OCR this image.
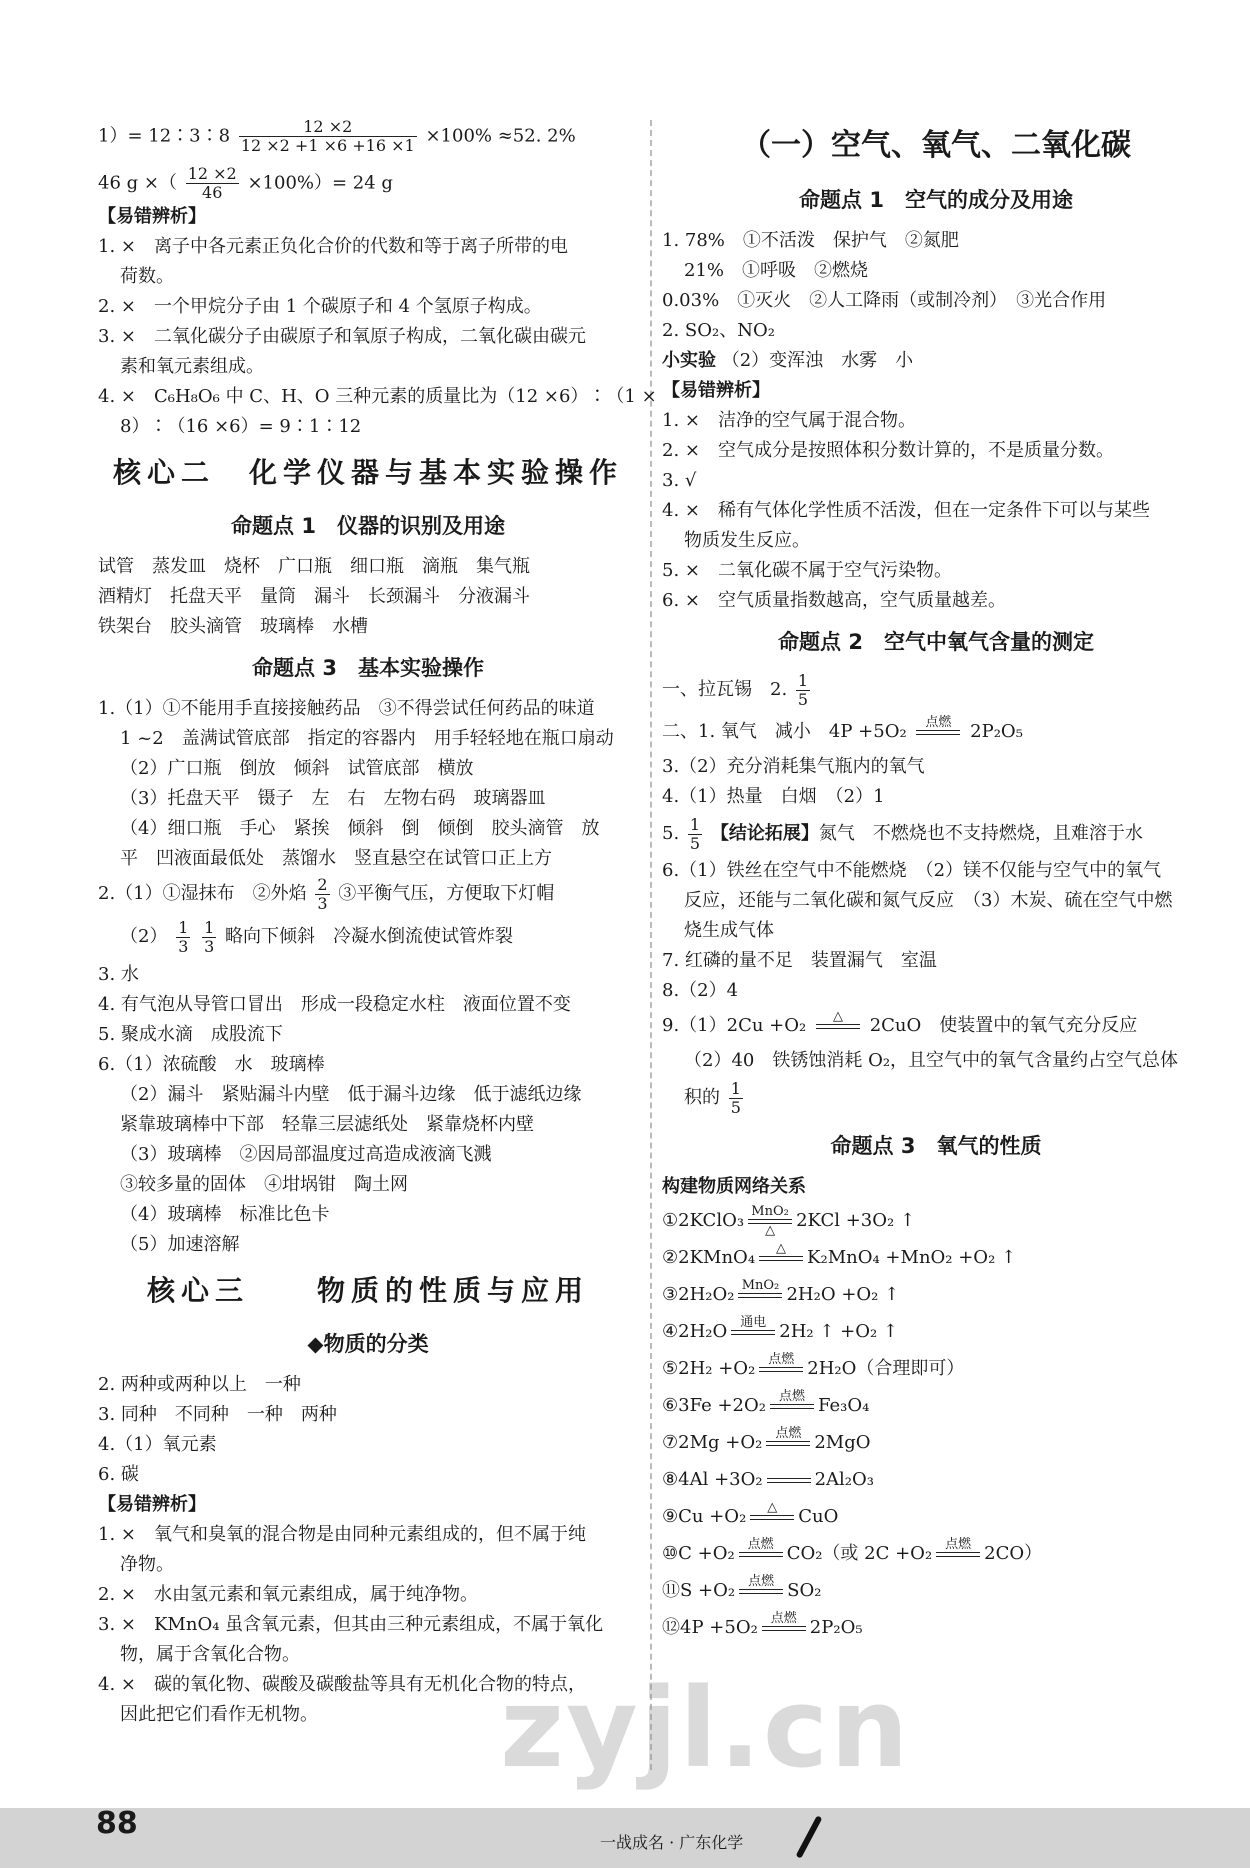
1）= 12∶3∶8 $\frac{12 \times 2}{12 \times 2 +1 \times 6 +16 \times 1} \times 100\% \approx 52$. 2%
46 g ×（ $\frac{12 \times 2}{46} \times 100\%)= 24$ g
【易错辨析】
1. ×　离子中各元素正负化合价的代数和等于离子所带的电
荷数。
2. ×　一个甲烷分子由 1 个碳原子和 4 个氢原子构成。
3. ×　二氧化碳分子由碳原子和氧原子构成，二氧化碳由碳元
素和氧元素组成。
4. ×　C₆H₈O₆ 中 C、H、O 三种元素的质量比为（12 ×6）∶（1 ×
8）∶（16 ×6）= 9∶1∶12
核心二　化学仪器与基本实验操作
命题点 1　仪器的识别及用途
试管　蒸发皿　烧杯　广口瓶　细口瓶　滴瓶　集气瓶
酒精灯　托盘天平　量筒　漏斗　长颈漏斗　分液漏斗
铁架台　胶头滴管　玻璃棒　水槽
命题点 3　基本实验操作
1.（1）①不能用手直接接触药品　③不得尝试任何药品的味道
1 ~2　盖满试管底部　指定的容器内　用手轻轻地在瓶口扇动
（2）广口瓶　倒放　倾斜　试管底部　横放
（3）托盘天平　镊子　左　右　左物右码　玻璃器皿
（4）细口瓶　手心　紧挨　倾斜　倒　倾倒　胶头滴管　放
平　凹液面最低处　蒸馏水　竖直悬空在试管口正上方
2.（1）①湿抹布　②外焰 $\frac{2}{3}$ ③平衡气压，方便取下灯帽
$(2) \frac{1}{3}$
$\frac{1}{3}$ 略向下倾斜　冷凝水倒流使试管炸裂
3. 水
4. 有气泡从导管口冒出　形成一段稳定水柱　液面位置不变
5. 聚成水滴　成股流下
6.（1）浓硫酸　水　玻璃棒
（2）漏斗　紧贴漏斗内壁　低于漏斗边缘　低于滤纸边缘
紧靠玻璃棒中下部　轻靠三层滤纸处　紧靠烧杯内壁
（3）玻璃棒　②因局部温度过高造成液滴飞溅
③较多量的固体　④坩埚钳　陶土网
（4）玻璃棒　标准比色卡
（5）加速溶解
核心三　　物质的性质与应用
◆物质的分类
2. 两种或两种以上　一种
3. 同种　不同种　一种　两种
4.（1）氧元素
6. 碳
【易错辨析】
1. ×　氧气和臭氧的混合物是由同种元素组成的，但不属于纯
净物。
2. ×　水由氢元素和氧元素组成，属于纯净物。
3. ×　KMnO₄ 虽含氧元素，但其由三种元素组成，不属于氧化
物，属于含氧化合物。
4. ×　碳的氧化物、碳酸及碳酸盐等具有无机化合物的特点，
因此把它们看作无机物。
（一）空气、氧气、二氧化碳
命题点 1　空气的成分及用途
1. 78%　①不活泼　保护气　②氮肥
21%　①呼吸　②燃烧
0.03%　①灭火　②人工降雨（或制冷剂）　③光合作用
2. SO₂、NO₂
小实验 （2）变浑浊　水雾　小
【易错辨析】
1. ×　洁净的空气属于混合物。
2. ×　空气成分是按照体积分数计算的，不是质量分数。
3. √
4. ×　稀有气体化学性质不活泼，但在一定条件下可以与某些
物质发生反应。
5. ×　二氧化碳不属于空气污染物。
6. ×　空气质量指数越高，空气质量越差。
命题点 2　空气中氧气含量的测定
一、拉瓦锡　2. $\frac{1}{5}$
二、1. 氧气　减小　4P +5O₂	点燃
	2P₂O₅
3.（2）充分消耗集气瓶内的氧气
4.（1）热量　白烟　（2）1
5. $\frac{1}{5}$ 【结论拓展】氮气　不燃烧也不支持燃烧，且难溶于水
6.（1）铁丝在空气中不能燃烧　（2）镁不仅能与空气中的氧气
反应，还能与二氧化碳和氮气反应　（3）木炭、硫在空气中燃
烧生成气体
7. 红磷的量不足　装置漏气　室温
8.（2）4
9.（1）2Cu +O₂	△
	2CuO　使装置中的氧气充分反应
（2）40　铁锈蚀消耗 O₂，且空气中的氧气含量约占空气总体
积的 $\frac{1}{5}$
命题点 3　氧气的性质
构建物质网络关系
①2KClO₃ MnO₂
△	2KCl +3O₂ ↑
②2KMnO₄	△
	K₂MnO₄ +MnO₂ +O₂ ↑
③2H₂O₂ MnO₂
2H₂O +O₂ ↑
④2H₂O 通电
2H₂ ↑ +O₂ ↑
⑤2H₂ +O₂ 点燃
2H₂O（合理即可）
⑥3Fe +2O₂ 点燃
Fe₃O₄
⑦2Mg +O₂ 点燃
2MgO
⑧4Al +3O₂

	2Al₂O₃
⑨Cu +O₂	△
	CuO
⑩C +O₂ 点燃
CO₂（或 2C +O₂ 点燃
2CO）
⑪S +O₂ 点燃
SO₂
⑫4P +5O₂ 点燃
2P₂O₅
zyjl.cn
88
一战成名 · 广东化学
